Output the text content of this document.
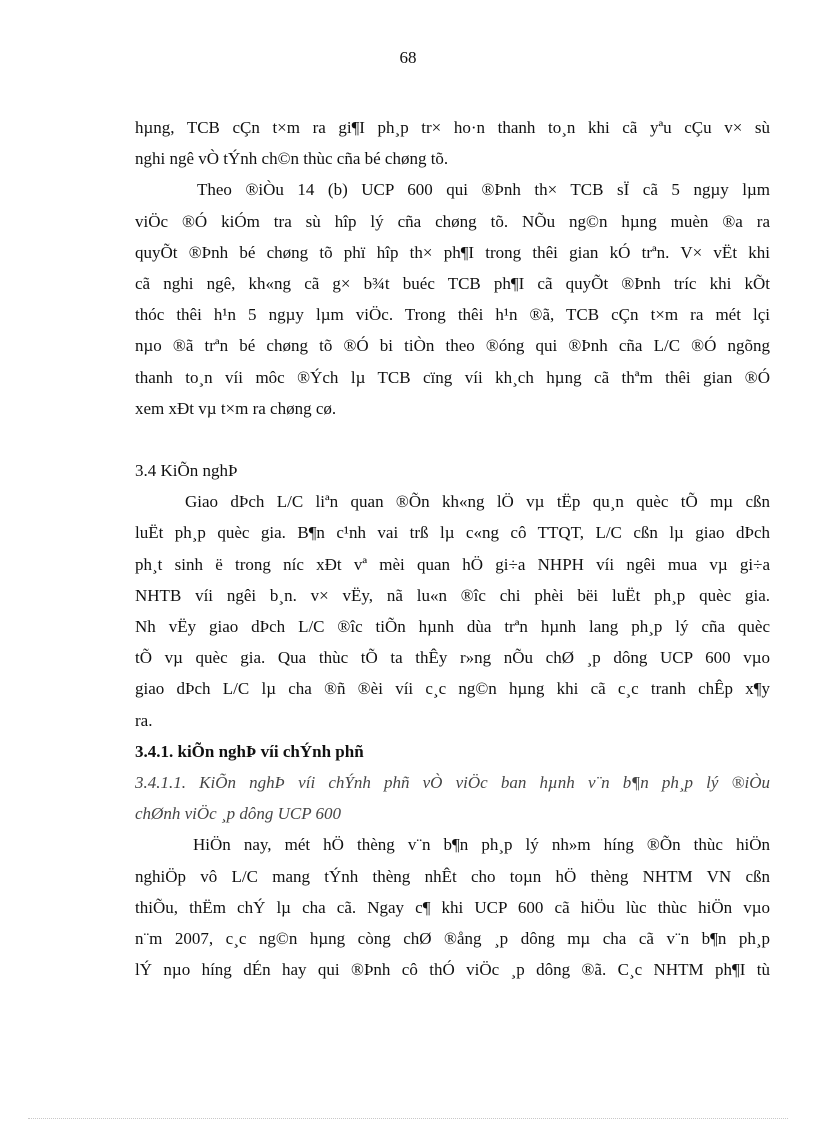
68
hµng, TCB cÇn t×m ra gi¶I ph¸p tr× ho·n thanh to¸n khi cã yªu cÇu v× sù
nghi ngê vÒ tÝnh ch©n thùc cña bé chøng tõ.
Theo ®iÒu 14 (b) UCP 600 qui ®Þnh th× TCB sÏ cã 5 ngµy lµm
viÖc ®Ó kiÓm tra sù hîp lý cña chøng tõ. NÕu ng©n hµng muèn ®a ra
quyÕt ®Þnh bé chøng tõ phï hîp th× ph¶I trong thêi gian kÓ trªn. V× vËt khi
cã nghi ngê, kh«ng cã g× b¾t buéc TCB ph¶I cã quyÕt ®Þnh tríc khi kÕt
thóc thêi h¹n 5 ngµy lµm viÖc. Trong thêi h¹n ®ã, TCB cÇn t×m ra mét lçi
nµo ®ã trªn bé chøng tõ ®Ó bi tiÒn theo ®óng qui ®Þnh cña L/C ®Ó ngõng
thanh to¸n víi môc ®Ých lµ TCB cïng víi kh¸ch hµng cã thªm thêi gian ®Ó
xem xÐt vµ t×m ra chøng cø.
3.4 KiÕn nghÞ
Giao dÞch L/C liªn quan ®Õn kh«ng lÖ vµ tËp qu¸n quèc tÕ mµ cßn
luËt ph¸p quèc gia. B¶n c¹nh vai trß lµ c«ng cô TTQT, L/C cßn lµ giao dÞch
ph¸t sinh ë trong níc xÐt vª mèi quan hÖ gi÷a NHPH víi ngêi mua vµ gi÷a
NHTB víi ngêi b¸n. v× vËy, nã lu«n ®îc chi phèi bëi luËt ph¸p quèc gia.
Nh vËy giao dÞch L/C ®îc tiÕn hµnh dùa trªn hµnh lang ph¸p lý cña quèc
tÕ vµ quèc gia. Qua thùc tÕ ta thÊy r»ng nÕu chØ ¸p dông UCP 600 vµo
giao dÞch L/C lµ cha ®ñ ®èi víi c¸c ng©n hµng khi cã c¸c tranh chÊp x¶y
ra.
3.4.1. kiÕn nghÞ víi chÝnh phñ
3.4.1.1. KiÕn nghÞ víi chÝnh phñ vÒ viÖc ban hµnh v¨n b¶n ph¸p lý ®iÒu
chØnh viÖc ¸p dông UCP 600
HiÖn nay, mét hÖ thèng v¨n b¶n ph¸p lý nh»m híng ®Õn thùc hiÖn
nghiÖp vô L/C mang tÝnh thèng nhÊt cho toµn hÖ thèng NHTM VN cßn
thiÕu, thËm chÝ lµ cha cã. Ngay c¶ khi UCP 600 cã hiÖu lùc thùc hiÖn vµo
n¨m 2007, c¸c ng©n hµng còng chØ ®ång ¸p dông mµ cha cã v¨n b¶n ph¸p
lÝ nµo híng dÉn hay qui ®Þnh cô thÓ viÖc ¸p dông ®ã. C¸c NHTM ph¶I tù
